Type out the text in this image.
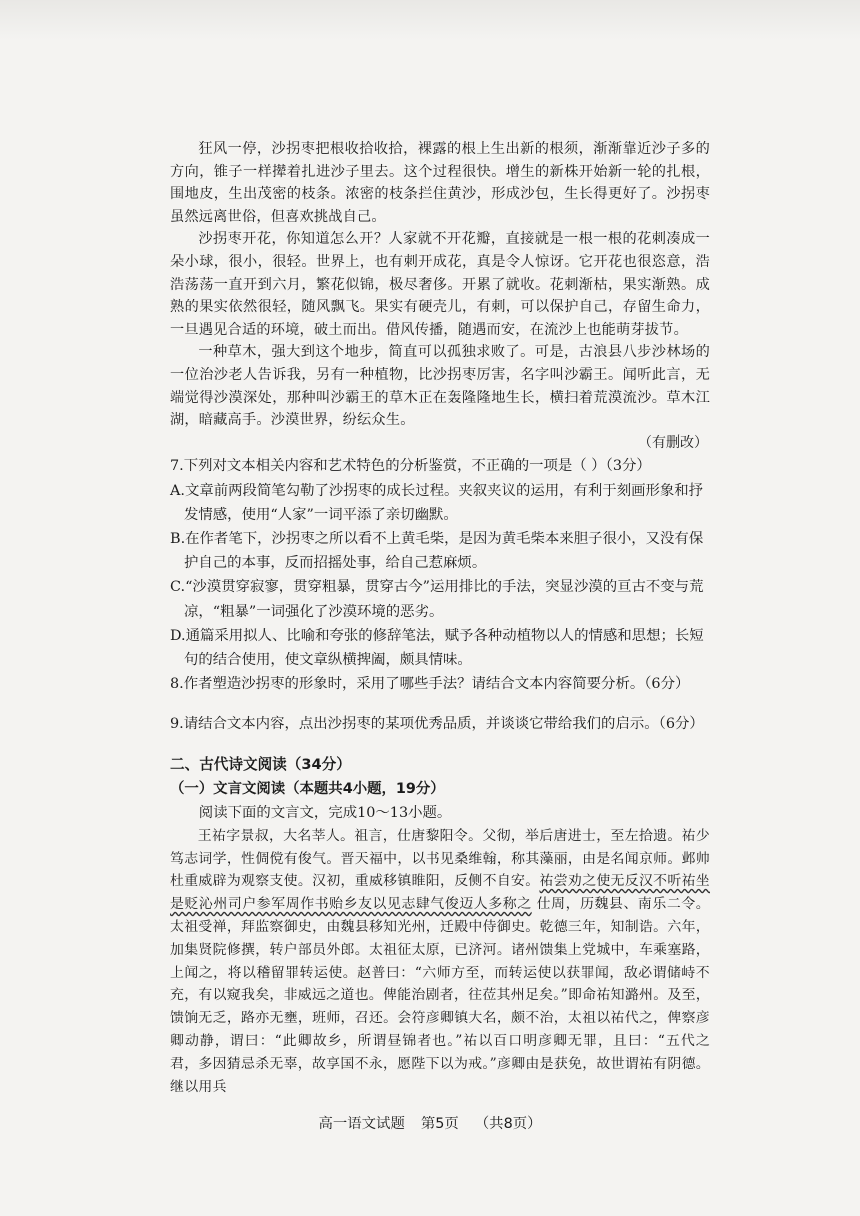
狂风一停，沙拐枣把根收拾收拾，裸露的根上生出新的根须，渐渐靠近沙子多的方向，锥子一样撵着扎进沙子里去。这个过程很快。增生的新株开始新一轮的扎根，围地皮，生出茂密的枝条。浓密的枝条拦住黄沙，形成沙包，生长得更好了。沙拐枣虽然远离世俗，但喜欢挑战自己。

沙拐枣开花，你知道怎么开？人家就不开花瓣，直接就是一根一根的花刺凑成一朵小球，很小，很轻。世界上，也有刺开成花，真是令人惊讶。它开花也很恣意，浩浩荡荡一直开到六月，繁花似锦，极尽奢侈。开累了就收。花刺渐枯，果实渐熟。成熟的果实依然很轻，随风飘飞。果实有硬壳儿，有刺，可以保护自己，存留生命力，一旦遇见合适的环境，破土而出。借风传播，随遇而安，在流沙上也能萌芽拔节。

一种草木，强大到这个地步，简直可以孤独求败了。可是，古浪县八步沙林场的一位治沙老人告诉我，另有一种植物，比沙拐枣厉害，名字叫沙霸王。闻听此言，无端觉得沙漠深处，那种叫沙霸王的草木正在轰隆隆地生长，横扫着荒漠流沙。草木江湖，暗藏高手。沙漠世界，纷纭众生。

（有删改）

7.下列对文本相关内容和艺术特色的分析鉴赏，不正确的一项是（ ）（3分）

A.文章前两段简笔勾勒了沙拐枣的成长过程。夹叙夹议的运用，有利于刻画形象和抒发情感，使用“人家”一词平添了亲切幽默。

B.在作者笔下，沙拐枣之所以看不上黄毛柴，是因为黄毛柴本来胆子很小，又没有保护自己的本事，反而招摇处事，给自己惹麻烦。

C.“沙漠贯穿寂寥，贯穿粗暴，贯穿古今”运用排比的手法，突显沙漠的亘古不变与荒凉，“粗暴”一词强化了沙漠环境的恶劣。

D.通篇采用拟人、比喻和夸张的修辞笔法，赋予各种动植物以人的情感和思想；长短句的结合使用，使文章纵横捭阖，颇具情味。

8.作者塑造沙拐枣的形象时，采用了哪些手法？请结合文本内容简要分析。（6分）

9.请结合文本内容，点出沙拐枣的某项优秀品质，并谈谈它带给我们的启示。（6分）

二、古代诗文阅读（34分）

（一）文言文阅读（本题共4小题，19分）

阅读下面的文言文，完成10～13小题。

王祐字景叔，大名莘人。祖言，仕唐黎阳令。父彻，举后唐进士，至左拾遗。祐少笃志词学，性倜傥有俊气。晋天福中，以书见桑维翰，称其藻丽，由是名闻京师。邺帅杜重威辟为观察支使。汉初，重威移镇睢阳，反侧不自安。祐尝劝之使无反汉不听祐坐是贬沁州司户参军周作书贻乡友以见志肆气俊迈人多称之 仕周，历魏县、南乐二令。太祖受禅，拜监察御史，由魏县移知光州，迁殿中侍御史。乾德三年，知制诰。六年，加集贤院修撰，转户部员外郎。太祖征太原，已济河。诸州馈集上党城中，车乘塞路，上闻之，将以稽留罪转运使。赵普曰：“六师方至，而转运使以获罪闻，敌必谓储峙不充，有以窥我矣，非威远之道也。俾能治剧者，往莅其州足矣。”即命祐知潞州。及至，馈饷无乏，路亦无壅，班师，召还。会符彦卿镇大名，颇不治，太祖以祐代之，俾察彦卿动静，谓曰：“此卿故乡，所谓昼锦者也。”祐以百口明彦卿无罪，且曰：“五代之君，多因猜忌杀无辜，故享国不永，愿陛下以为戒。”彦卿由是获免，故世谓祐有阴德。继以用兵

高一语文试题 第5页 （共8页）
